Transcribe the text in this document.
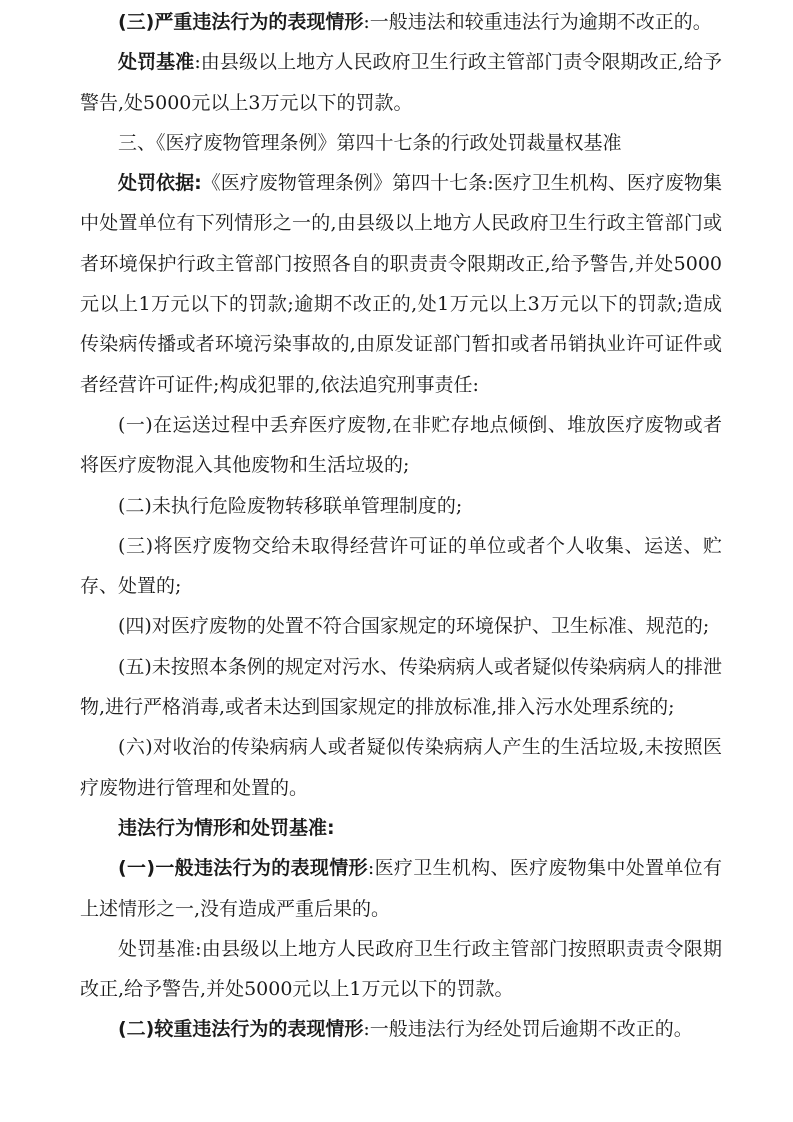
(三)严重违法行为的表现情形:一般违法和较重违法行为逾期不改正的。

处罚基准:由县级以上地方人民政府卫生行政主管部门责令限期改正,给予警告,处5000元以上3万元以下的罚款。

三、《医疗废物管理条例》第四十七条的行政处罚裁量权基准

处罚依据:《医疗废物管理条例》第四十七条:医疗卫生机构、医疗废物集中处置单位有下列情形之一的,由县级以上地方人民政府卫生行政主管部门或者环境保护行政主管部门按照各自的职责责令限期改正,给予警告,并处5000元以上1万元以下的罚款;逾期不改正的,处1万元以上3万元以下的罚款;造成传染病传播或者环境污染事故的,由原发证部门暂扣或者吊销执业许可证件或者经营许可证件;构成犯罪的,依法追究刑事责任:

(一)在运送过程中丢弃医疗废物,在非贮存地点倾倒、堆放医疗废物或者将医疗废物混入其他废物和生活垃圾的;

(二)未执行危险废物转移联单管理制度的;

(三)将医疗废物交给未取得经营许可证的单位或者个人收集、运送、贮存、处置的;

(四)对医疗废物的处置不符合国家规定的环境保护、卫生标准、规范的;

(五)未按照本条例的规定对污水、传染病病人或者疑似传染病病人的排泄物,进行严格消毒,或者未达到国家规定的排放标准,排入污水处理系统的;

(六)对收治的传染病病人或者疑似传染病病人产生的生活垃圾,未按照医疗废物进行管理和处置的。

违法行为情形和处罚基准:

(一)一般违法行为的表现情形:医疗卫生机构、医疗废物集中处置单位有上述情形之一,没有造成严重后果的。

处罚基准:由县级以上地方人民政府卫生行政主管部门按照职责责令限期改正,给予警告,并处5000元以上1万元以下的罚款。

(二)较重违法行为的表现情形:一般违法行为经处罚后逾期不改正的。
